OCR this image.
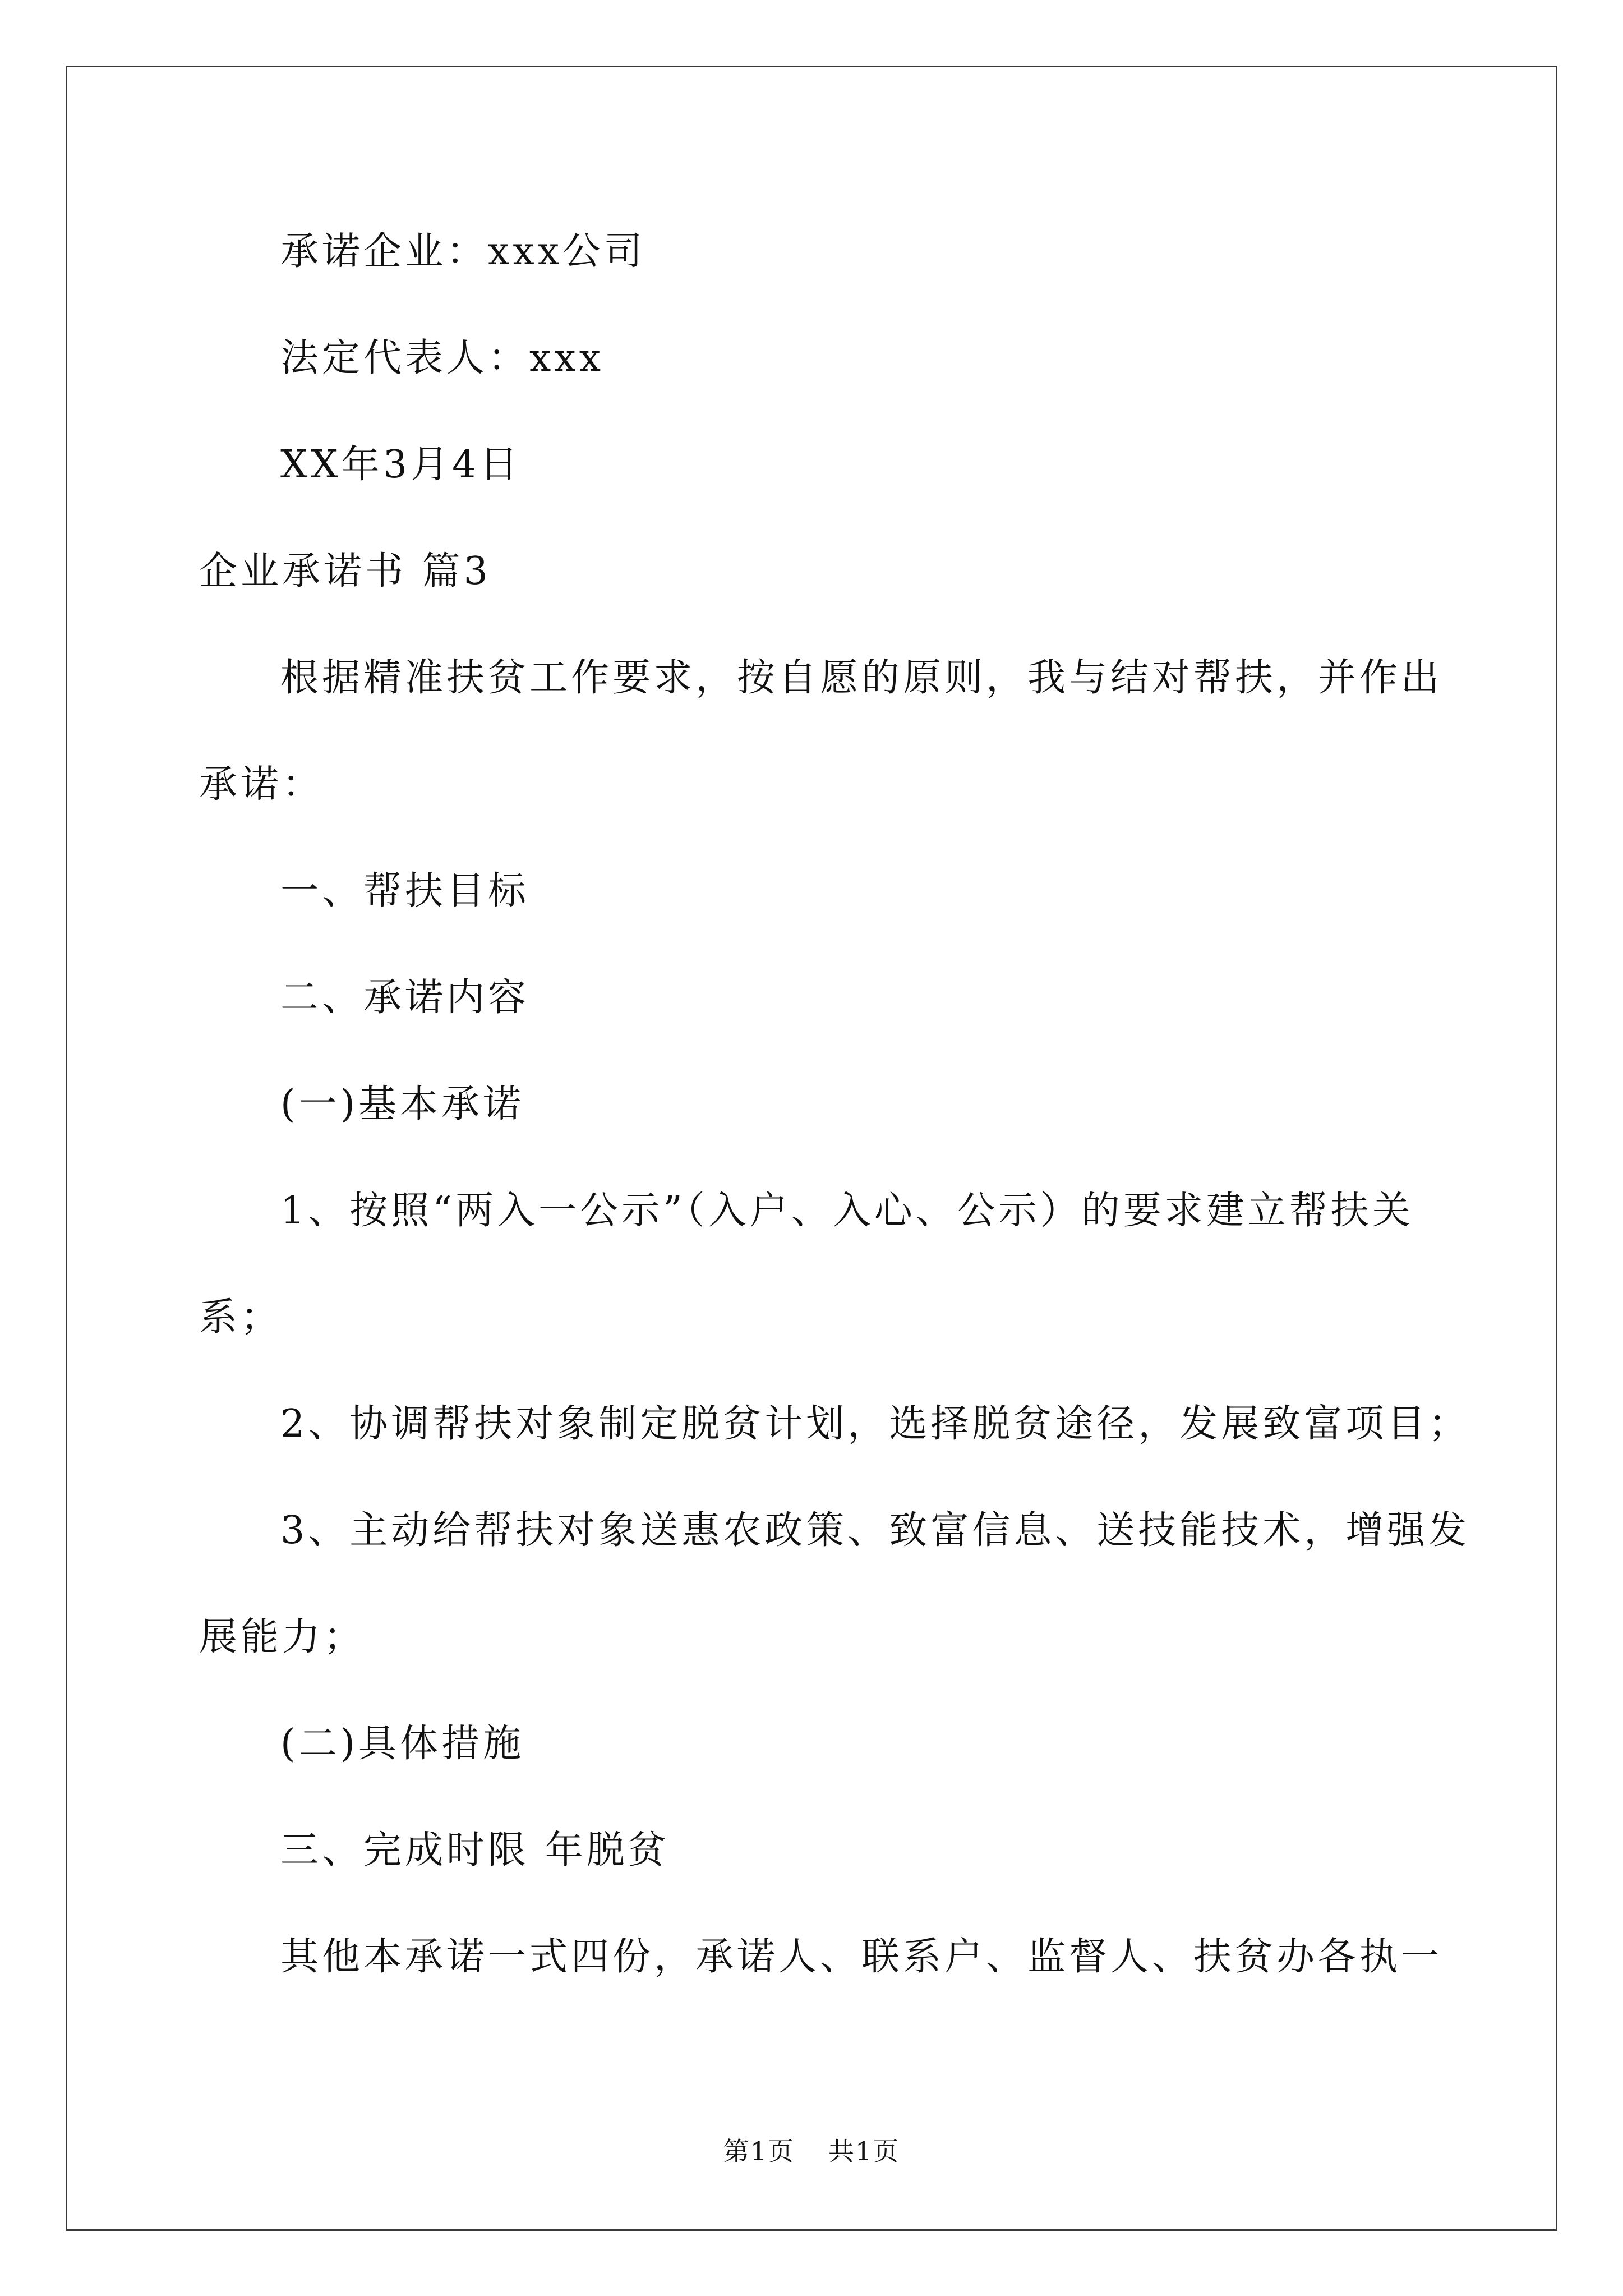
承诺企业：xxx公司
法定代表人：xxx
XX年3月4日
企业承诺书 篇3
根据精准扶贫工作要求，按自愿的原则，我与结对帮扶，并作出
承诺：
一、帮扶目标
二、承诺内容
(一)基本承诺
1、按照“两入一公示”（入户、入心、公示）的要求建立帮扶关
系；
2、协调帮扶对象制定脱贫计划，选择脱贫途径，发展致富项目；
3、主动给帮扶对象送惠农政策、致富信息、送技能技术，增强发
展能力；
(二)具体措施
三、完成时限 年脱贫
其他本承诺一式四份，承诺人、联系户、监督人、扶贫办各执一
第1页 共1页
